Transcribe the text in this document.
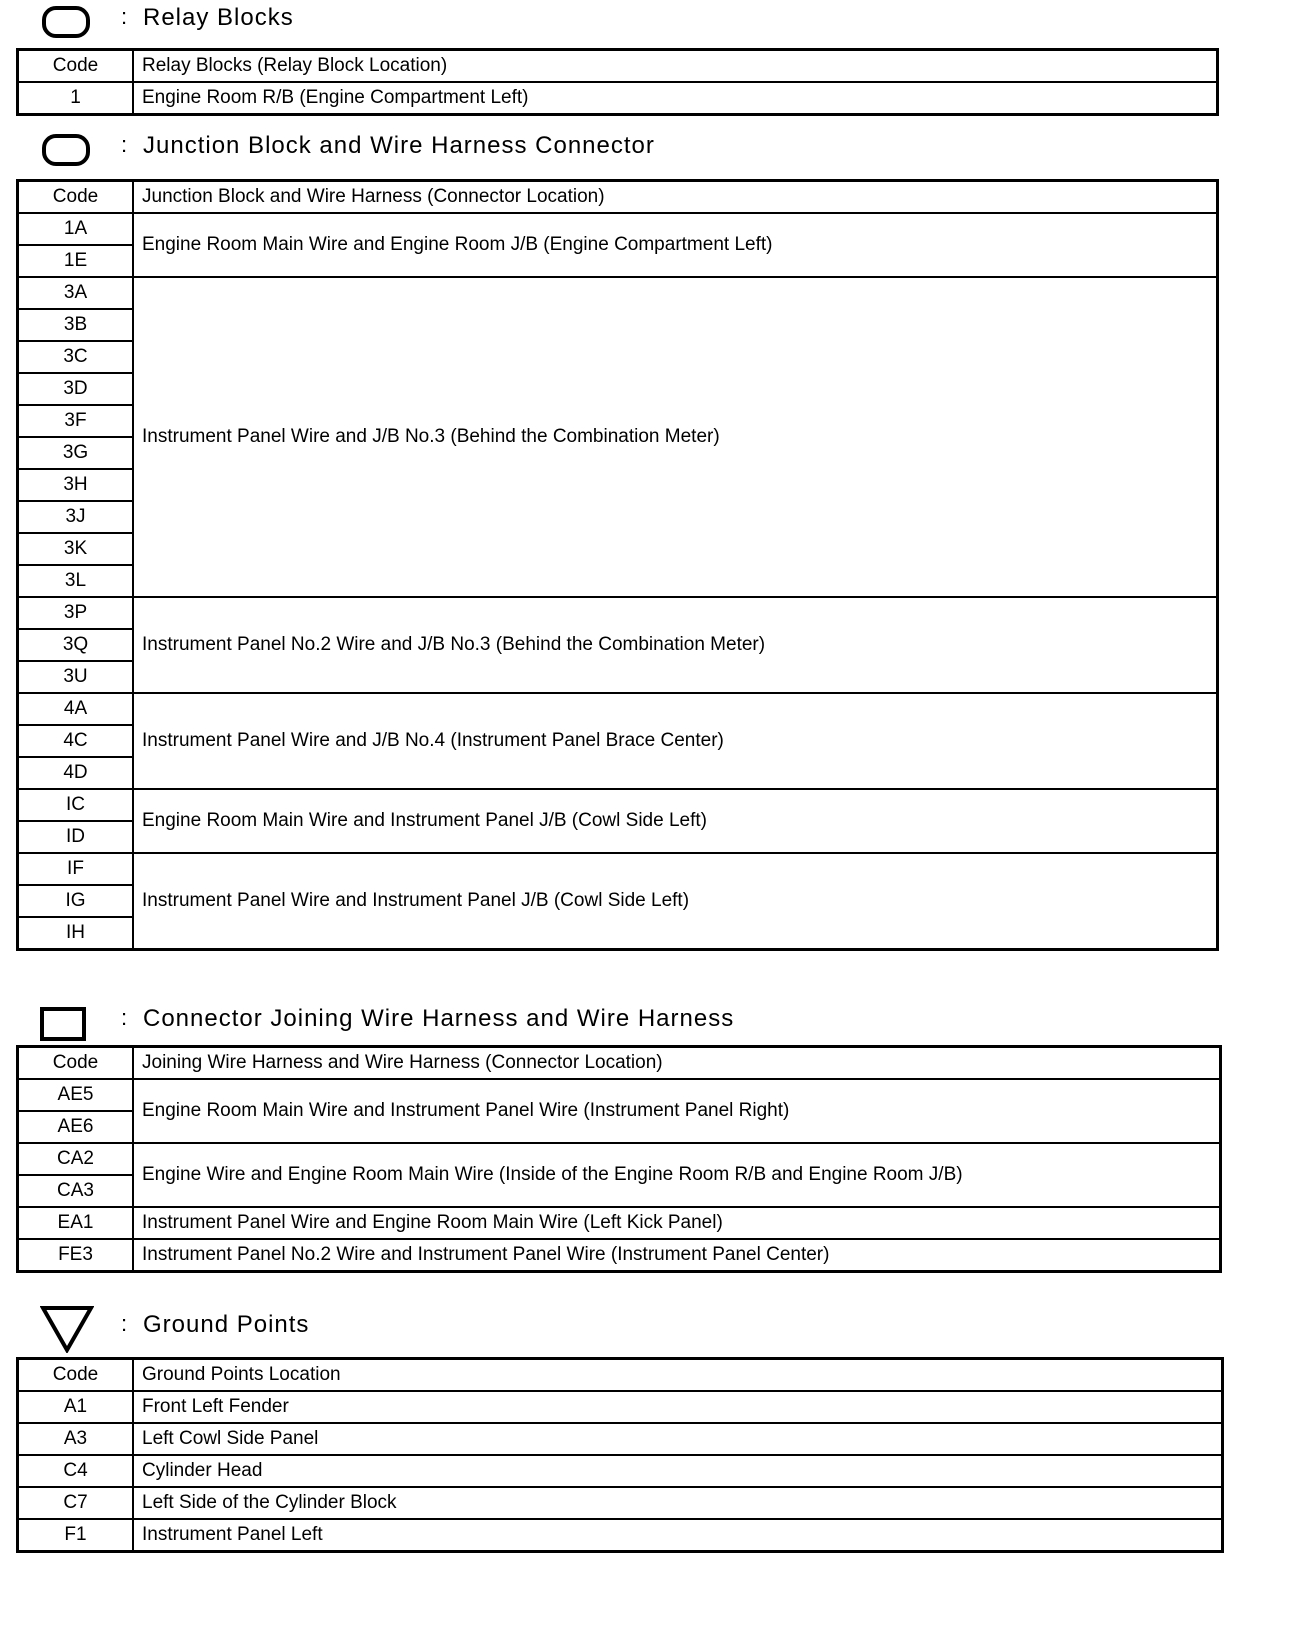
: Relay Blocks
Code	Relay Blocks (Relay Block Location)
1	Engine Room R/B (Engine Compartment Left)
: Junction Block and Wire Harness Connector
Code	Junction Block and Wire Harness (Connector Location)
1A	Engine Room Main Wire and Engine Room J/B (Engine Compartment Left)
1E	
3A	Instrument Panel Wire and J/B No.3 (Behind the Combination Meter)
3B	
3C	
3D	
3F	
3G	
3H	
3J	
3K	
3L	
3P	Instrument Panel No.2 Wire and J/B No.3 (Behind the Combination Meter)
3Q	
3U	
4A	Instrument Panel Wire and J/B No.4 (Instrument Panel Brace Center)
4C	
4D	
IC	Engine Room Main Wire and Instrument Panel J/B (Cowl Side Left)
ID	
IF	Instrument Panel Wire and Instrument Panel J/B (Cowl Side Left)
IG	
IH	
: Connector Joining Wire Harness and Wire Harness
Code	Joining Wire Harness and Wire Harness (Connector Location)
AE5	Engine Room Main Wire and Instrument Panel Wire (Instrument Panel Right)
AE6	
CA2	Engine Wire and Engine Room Main Wire (Inside of the Engine Room R/B and Engine Room J/B)
CA3	
EA1	Instrument Panel Wire and Engine Room Main Wire (Left Kick Panel)
FE3	Instrument Panel No.2 Wire and Instrument Panel Wire (Instrument Panel Center)
: Ground Points
Code	Ground Points Location
A1	Front Left Fender
A3	Left Cowl Side Panel
C4	Cylinder Head
C7	Left Side of the Cylinder Block
F1	Instrument Panel Left
